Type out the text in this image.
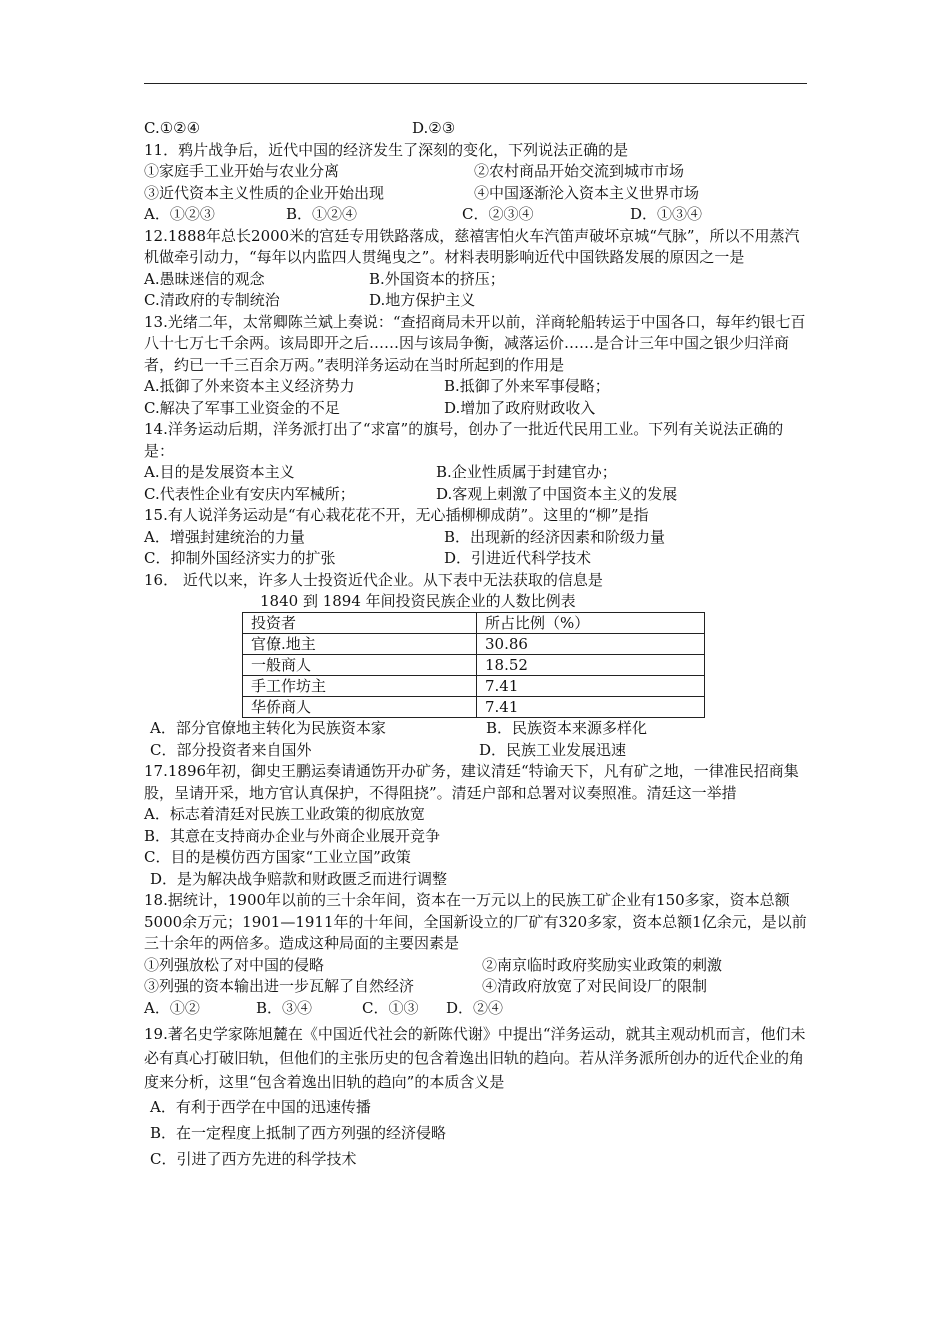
C.①②④	D.②③
11．鸦片战争后，近代中国的经济发生了深刻的变化，下列说法正确的是
①家庭手工业开始与农业分离	②农村商品开始交流到城市市场
③近代资本主义性质的企业开始出现	④中国逐渐沦入资本主义世界市场
A．①②③	B．①②④	C．②③④	D．①③④
12.1888年总长2000米的宫廷专用铁路落成，慈禧害怕火车汽笛声破坏京城“气脉”，所以不用蒸汽机做牵引动力，“每年以内监四人贯绳曳之”。材料表明影响近代中国铁路发展的原因之一是
A.愚昧迷信的观念	B.外国资本的挤压；
C.清政府的专制统治	D.地方保护主义
13.光绪二年，太常卿陈兰斌上奏说：“查招商局未开以前，洋商轮船转运于中国各口，每年约银七百八十七万七千余两。该局即开之后……因与该局争衡，减落运价……是合计三年中国之银少归洋商者，约已一千三百余万两。”表明洋务运动在当时所起到的作用是
A.抵御了外来资本主义经济势力	B.抵御了外来军事侵略；
C.解决了军事工业资金的不足	D.增加了政府财政收入
14.洋务运动后期，洋务派打出了“求富”的旗号，创办了一批近代民用工业。下列有关说法正确的是：
A.目的是发展资本主义	B.企业性质属于封建官办；
C.代表性企业有安庆内军械所；	D.客观上刺激了中国资本主义的发展
15.有人说洋务运动是“有心栽花花不开，无心插柳柳成荫”。这里的“柳”是指
A．增强封建统治的力量	B．出现新的经济因素和阶级力量
C．抑制外国经济实力的扩张	D．引进近代科学技术
16． 近代以来，许多人士投资近代企业。从下表中无法获取的信息是
1840 到 1894 年间投资民族企业的人数比例表
投资者	所占比例（%）
官僚.地主	30.86
一般商人	18.52
手工作坊主	7.41
华侨商人	7.41
A．部分官僚地主转化为民族资本家	B．民族资本来源多样化
C．部分投资者来自国外	D．民族工业发展迅速
17.1896年初，御史王鹏运奏请通饬开办矿务，建议清廷“特谕天下，凡有矿之地，一律准民招商集股，呈请开采，地方官认真保护，不得阻挠”。清廷户部和总署对议奏照准。清廷这一举措
A．标志着清廷对民族工业政策的彻底放宽
B．其意在支持商办企业与外商企业展开竞争
C．目的是模仿西方国家“工业立国”政策
D．是为解决战争赔款和财政匮乏而进行调整
18.据统计，1900年以前的三十余年间，资本在一万元以上的民族工矿企业有150多家，资本总额5000余万元；1901—1911年的十年间，全国新设立的厂矿有320多家，资本总额1亿余元，是以前三十余年的两倍多。造成这种局面的主要因素是
①列强放松了对中国的侵略	②南京临时政府奖励实业政策的刺激
③列强的资本输出进一步瓦解了自然经济	④清政府放宽了对民间设厂的限制
A．①②	B．③④	C．①③ D．②④
19.著名史学家陈旭麓在《中国近代社会的新陈代谢》中提出“洋务运动，就其主观动机而言，他们未必有真心打破旧轨，但他们的主张历史的包含着逸出旧轨的趋向。若从洋务派所创办的近代企业的角度来分析，这里“包含着逸出旧轨的趋向”的本质含义是
A．有利于西学在中国的迅速传播
B．在一定程度上抵制了西方列强的经济侵略
C．引进了西方先进的科学技术
